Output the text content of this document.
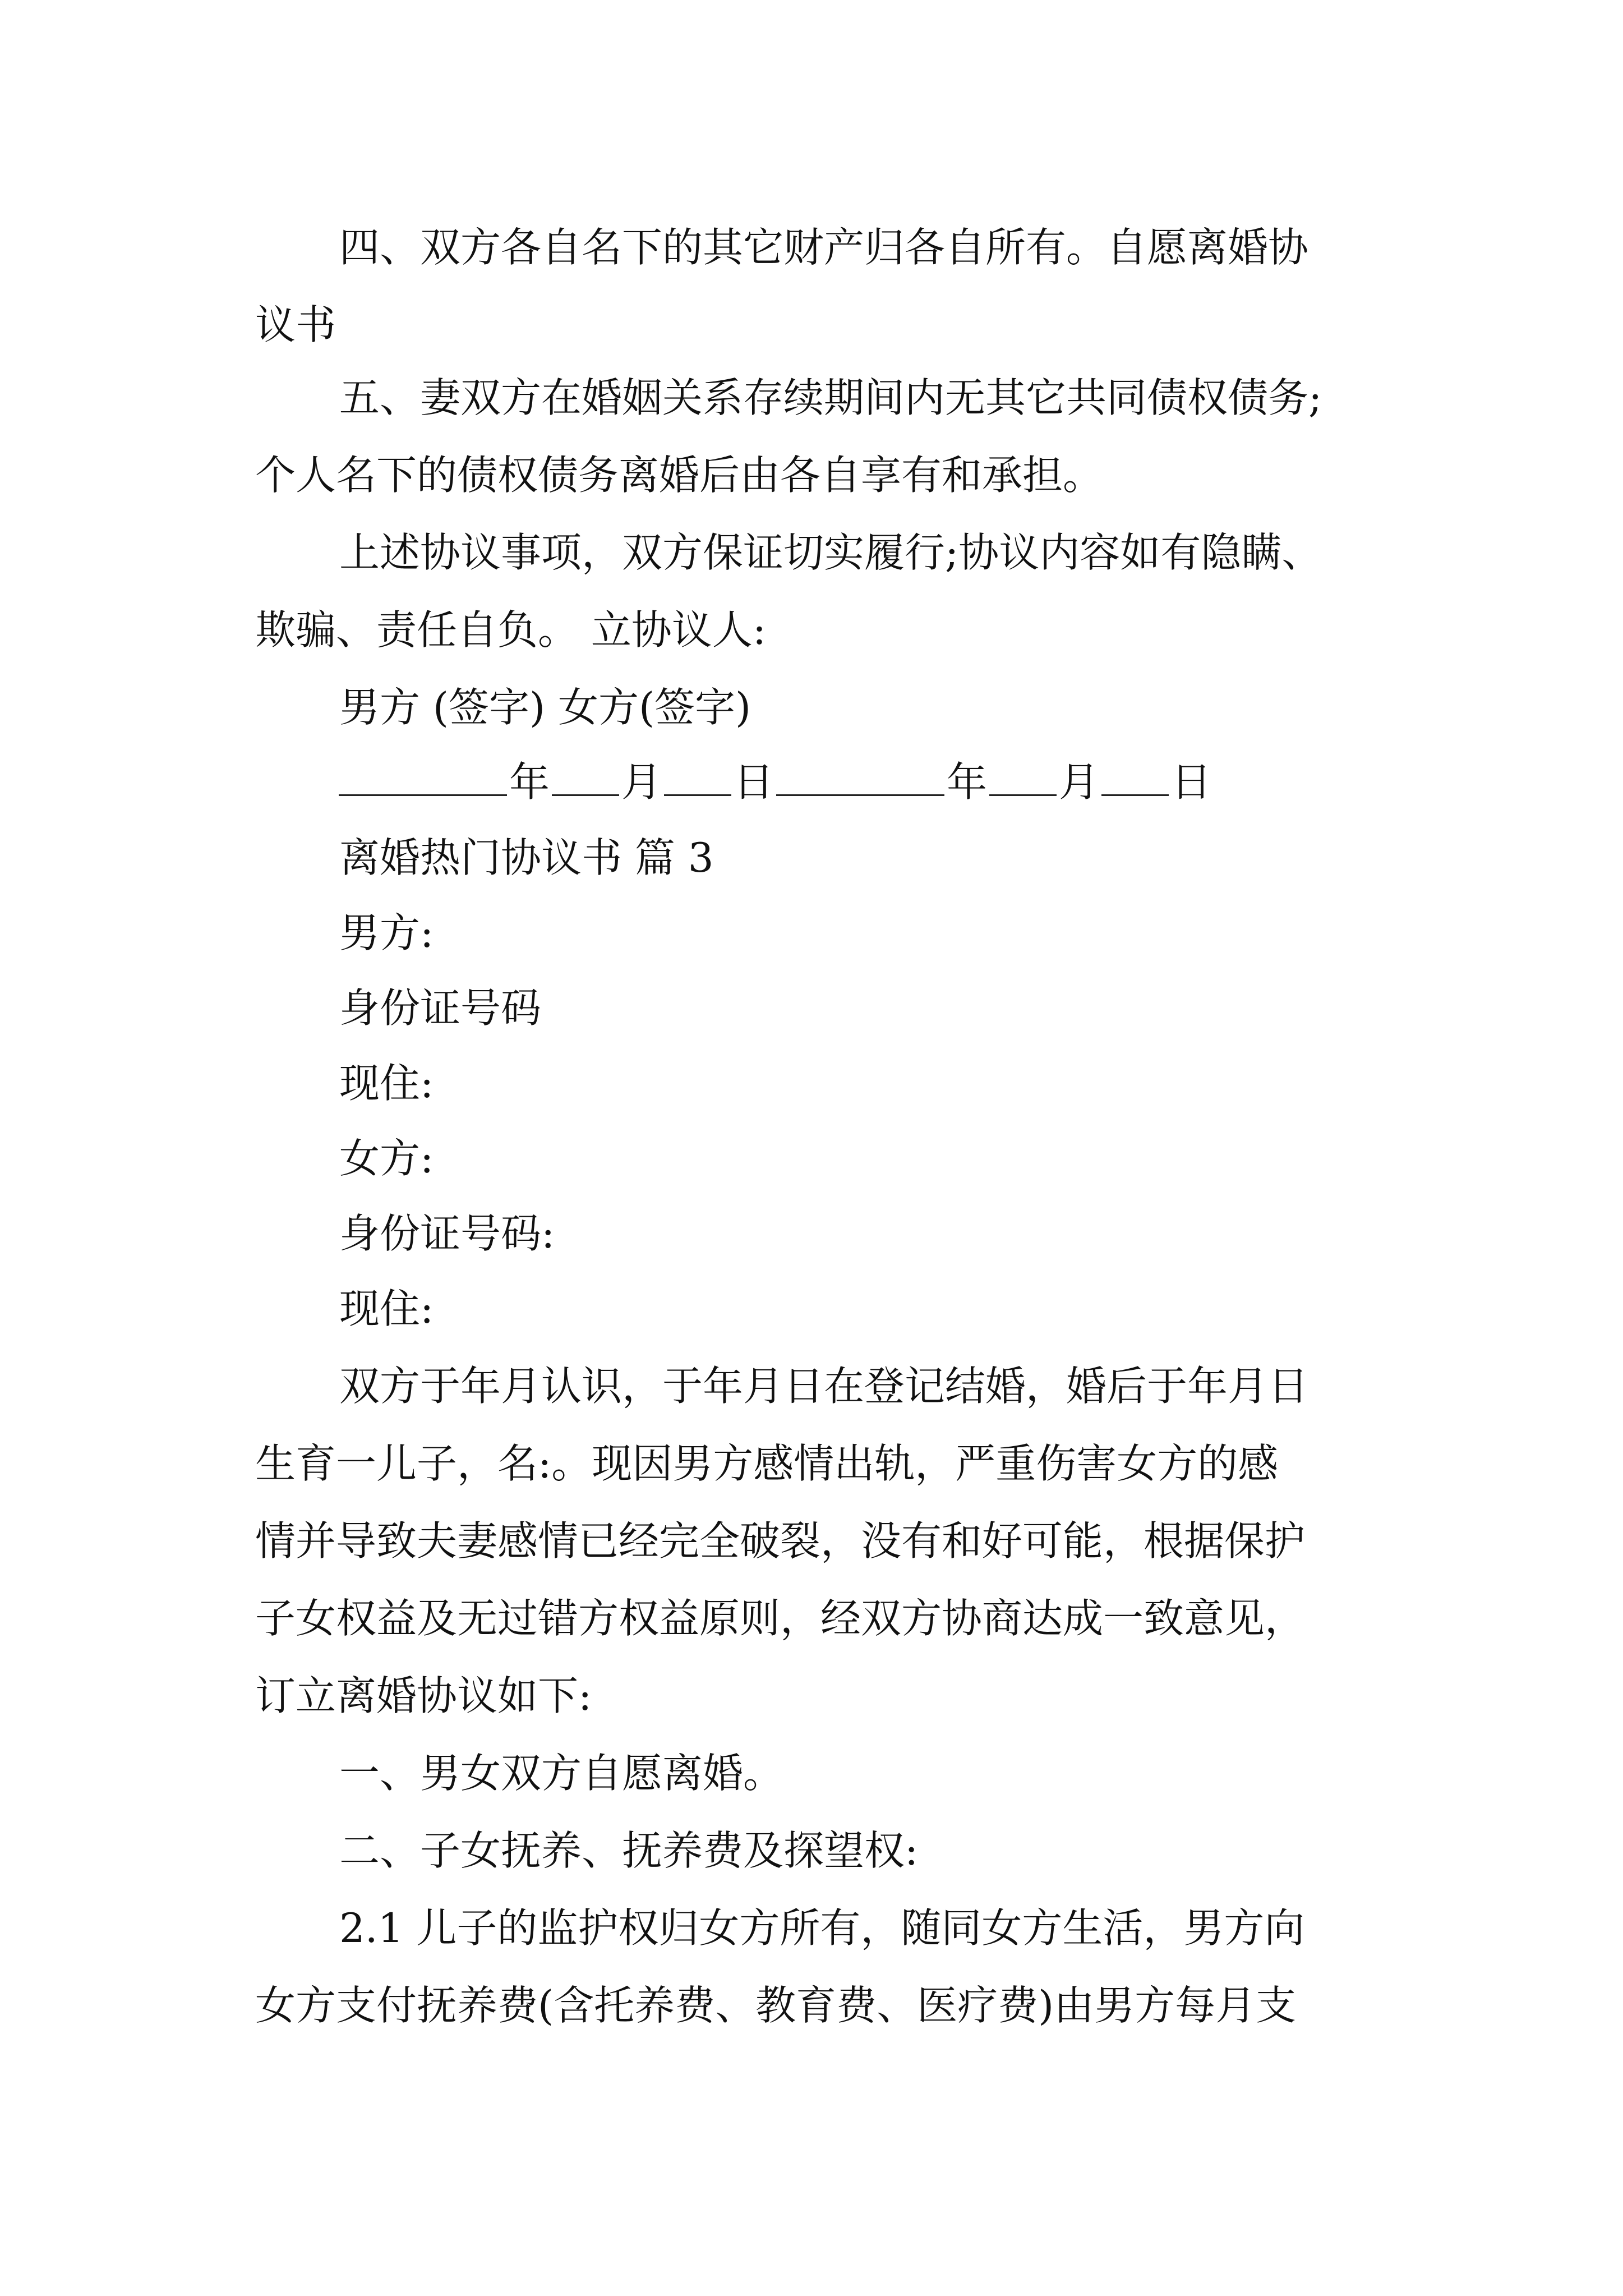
四、双方各自名下的其它财产归各自所有。自愿离婚协
议书
五、妻双方在婚姻关系存续期间内无其它共同债权债务;
个人名下的债权债务离婚后由各自享有和承担。
上述协议事项，双方保证切实履行;协议内容如有隐瞒、
欺骗、责任自负。 立协议人:
男方 (签字) 女方(签字)
年 月 日	年 月 日
离婚热门协议书 篇 3
男方:
身份证号码
现住:
女方:
身份证号码:
现住:
双方于年月认识，于年月日在登记结婚，婚后于年月日
生育一儿子，名:。现因男方感情出轨，严重伤害女方的感
情并导致夫妻感情已经完全破裂，没有和好可能，根据保护
子女权益及无过错方权益原则，经双方协商达成一致意见，
订立离婚协议如下:
一、男女双方自愿离婚。
二、子女抚养、抚养费及探望权:
2.1 儿子的监护权归女方所有，随同女方生活，男方向
女方支付抚养费(含托养费、教育费、医疗费)由男方每月支
